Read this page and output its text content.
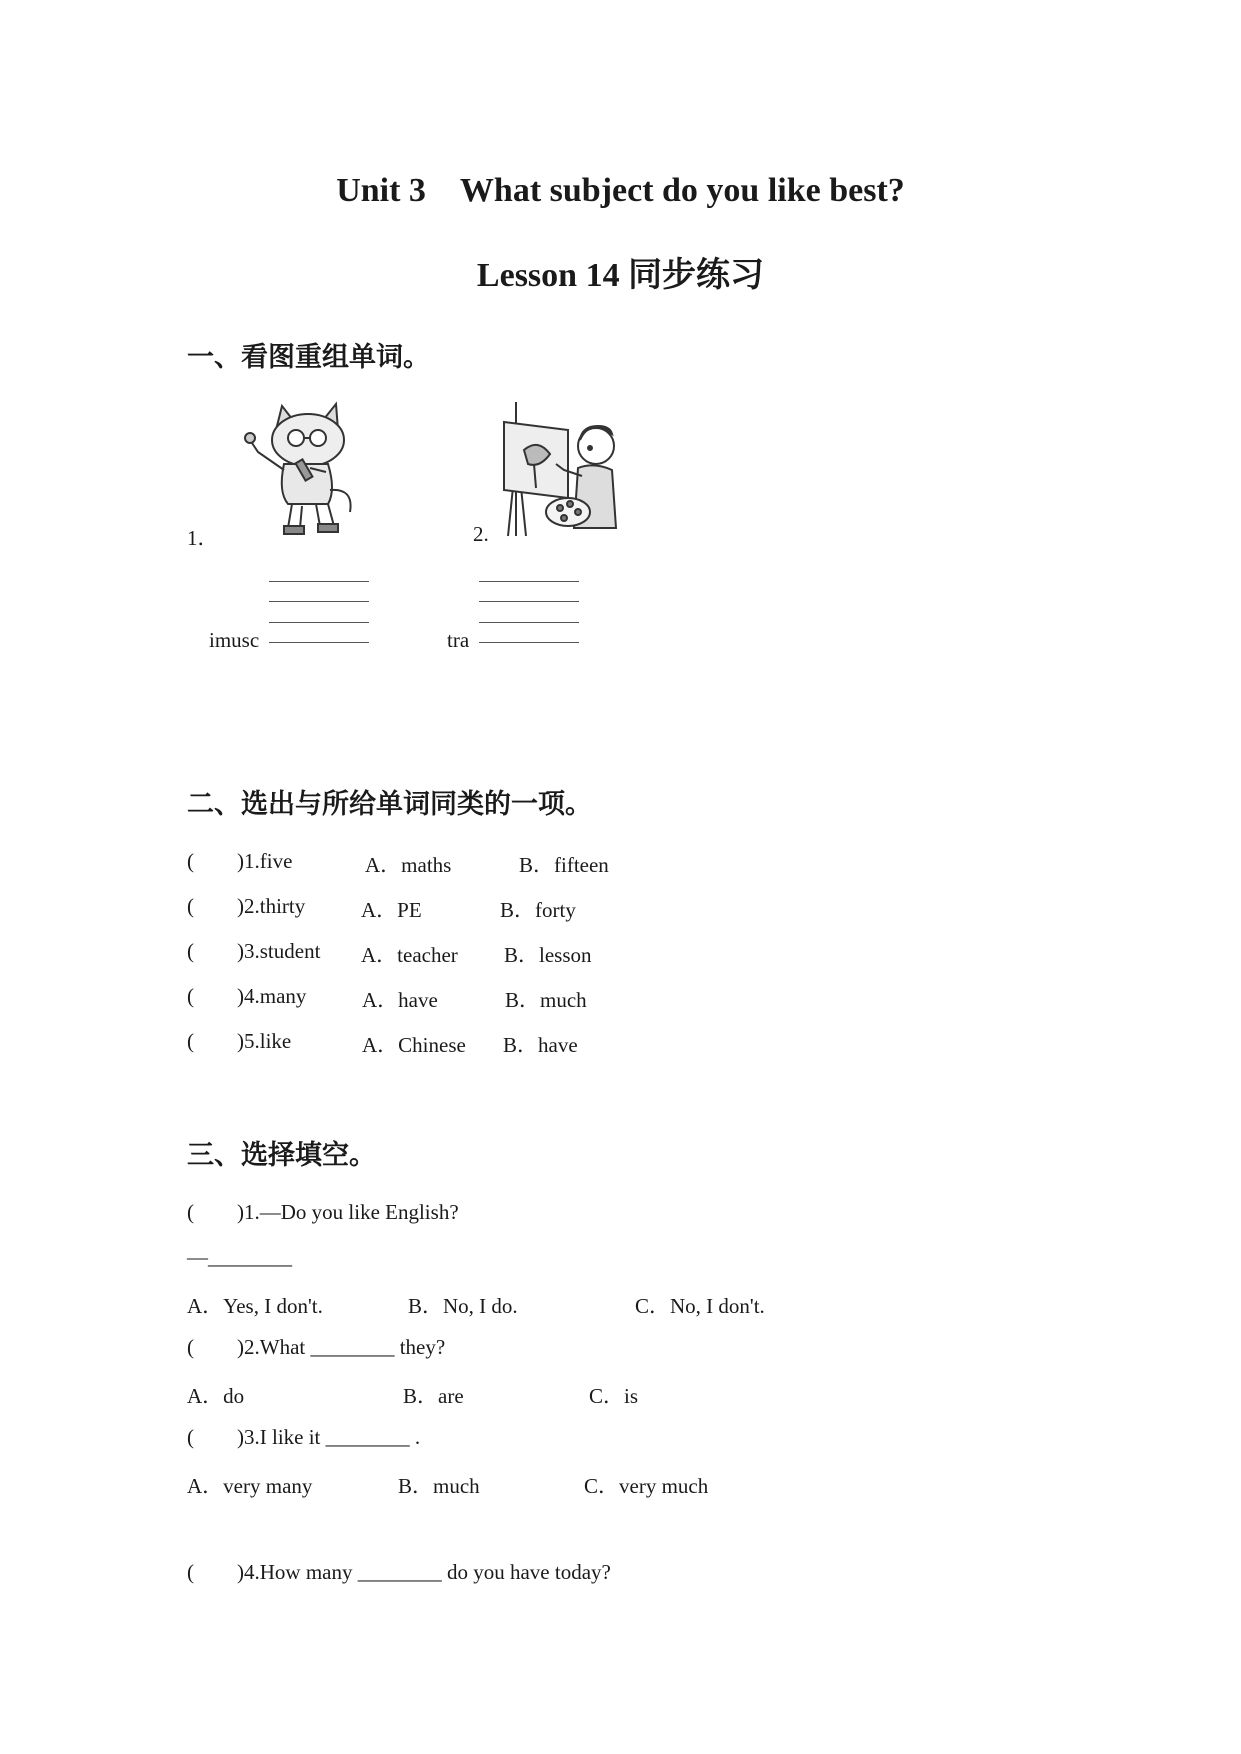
Unit 3　What subject do you like best?
Lesson 14 同步练习
一、看图重组单词。
1．	2.
imusc	tra
二、选出与所给单词同类的一项。
( )1.five	A．maths	B．fifteen
( )2.thirty	A．PE	B．forty
( )3.student A．teacher B．lesson
( )4.many	A．have	B．much
( )5.like	A．Chinese B．have
三、选择填空。
( )1.—Do you like English?
—________
A．Yes, I don't.	B．No, I do.	C．No, I don't.
( )2.What ________ they?
A．do	B．are	C．is
( )3.I like it ________ .
A．very many	B．much	C．very much
( )4.How many ________ do you have today?
